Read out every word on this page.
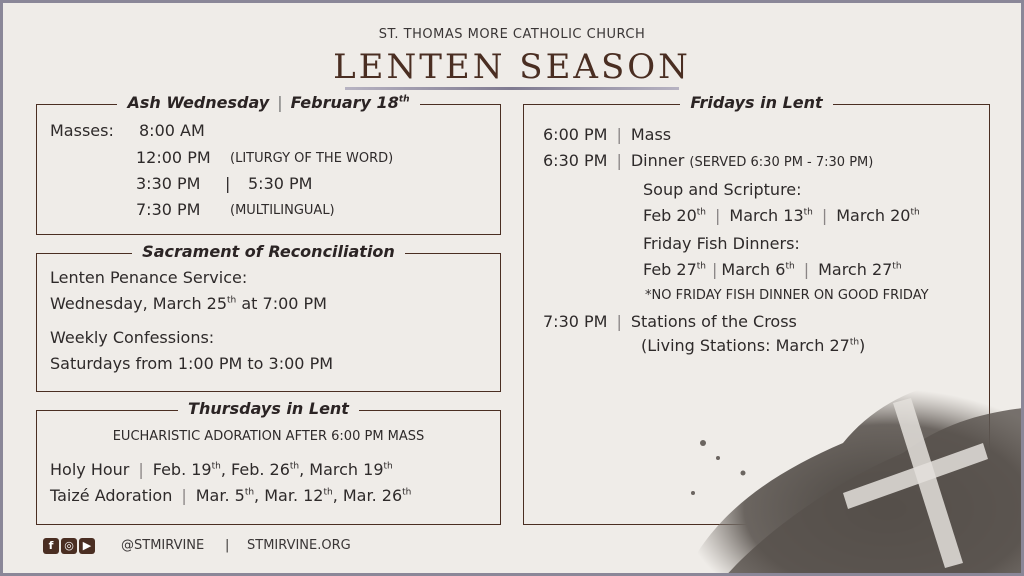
ST. THOMAS MORE CATHOLIC CHURCH
LENTEN SEASON
Ash Wednesday | February 18th
Masses: 8:00 AM
12:00 PM (LITURGY OF THE WORD)
3:30 PM | 5:30 PM
7:30 PM (MULTILINGUAL)
Sacrament of Reconciliation
Lenten Penance Service:
Wednesday, March 25th at 7:00 PM
Weekly Confessions:
Saturdays from 1:00 PM to 3:00 PM
Thursdays in Lent
EUCHARISTIC ADORATION AFTER 6:00 PM MASS
Holy Hour | Feb. 19th, Feb. 26th, March 19th
Taizé Adoration | Mar. 5th, Mar. 12th, Mar. 26th
Fridays in Lent
6:00 PM | Mass
6:30 PM | Dinner (SERVED 6:30 PM - 7:30 PM)
Soup and Scripture:
Feb 20th | March 13th | March 20th
Friday Fish Dinners:
Feb 27th | March 6th | March 27th
*NO FRIDAY FISH DINNER ON GOOD FRIDAY
7:30 PM | Stations of the Cross
(Living Stations: March 27th)
f ◎ ▶	@STMIRVINE | STMIRVINE.ORG
